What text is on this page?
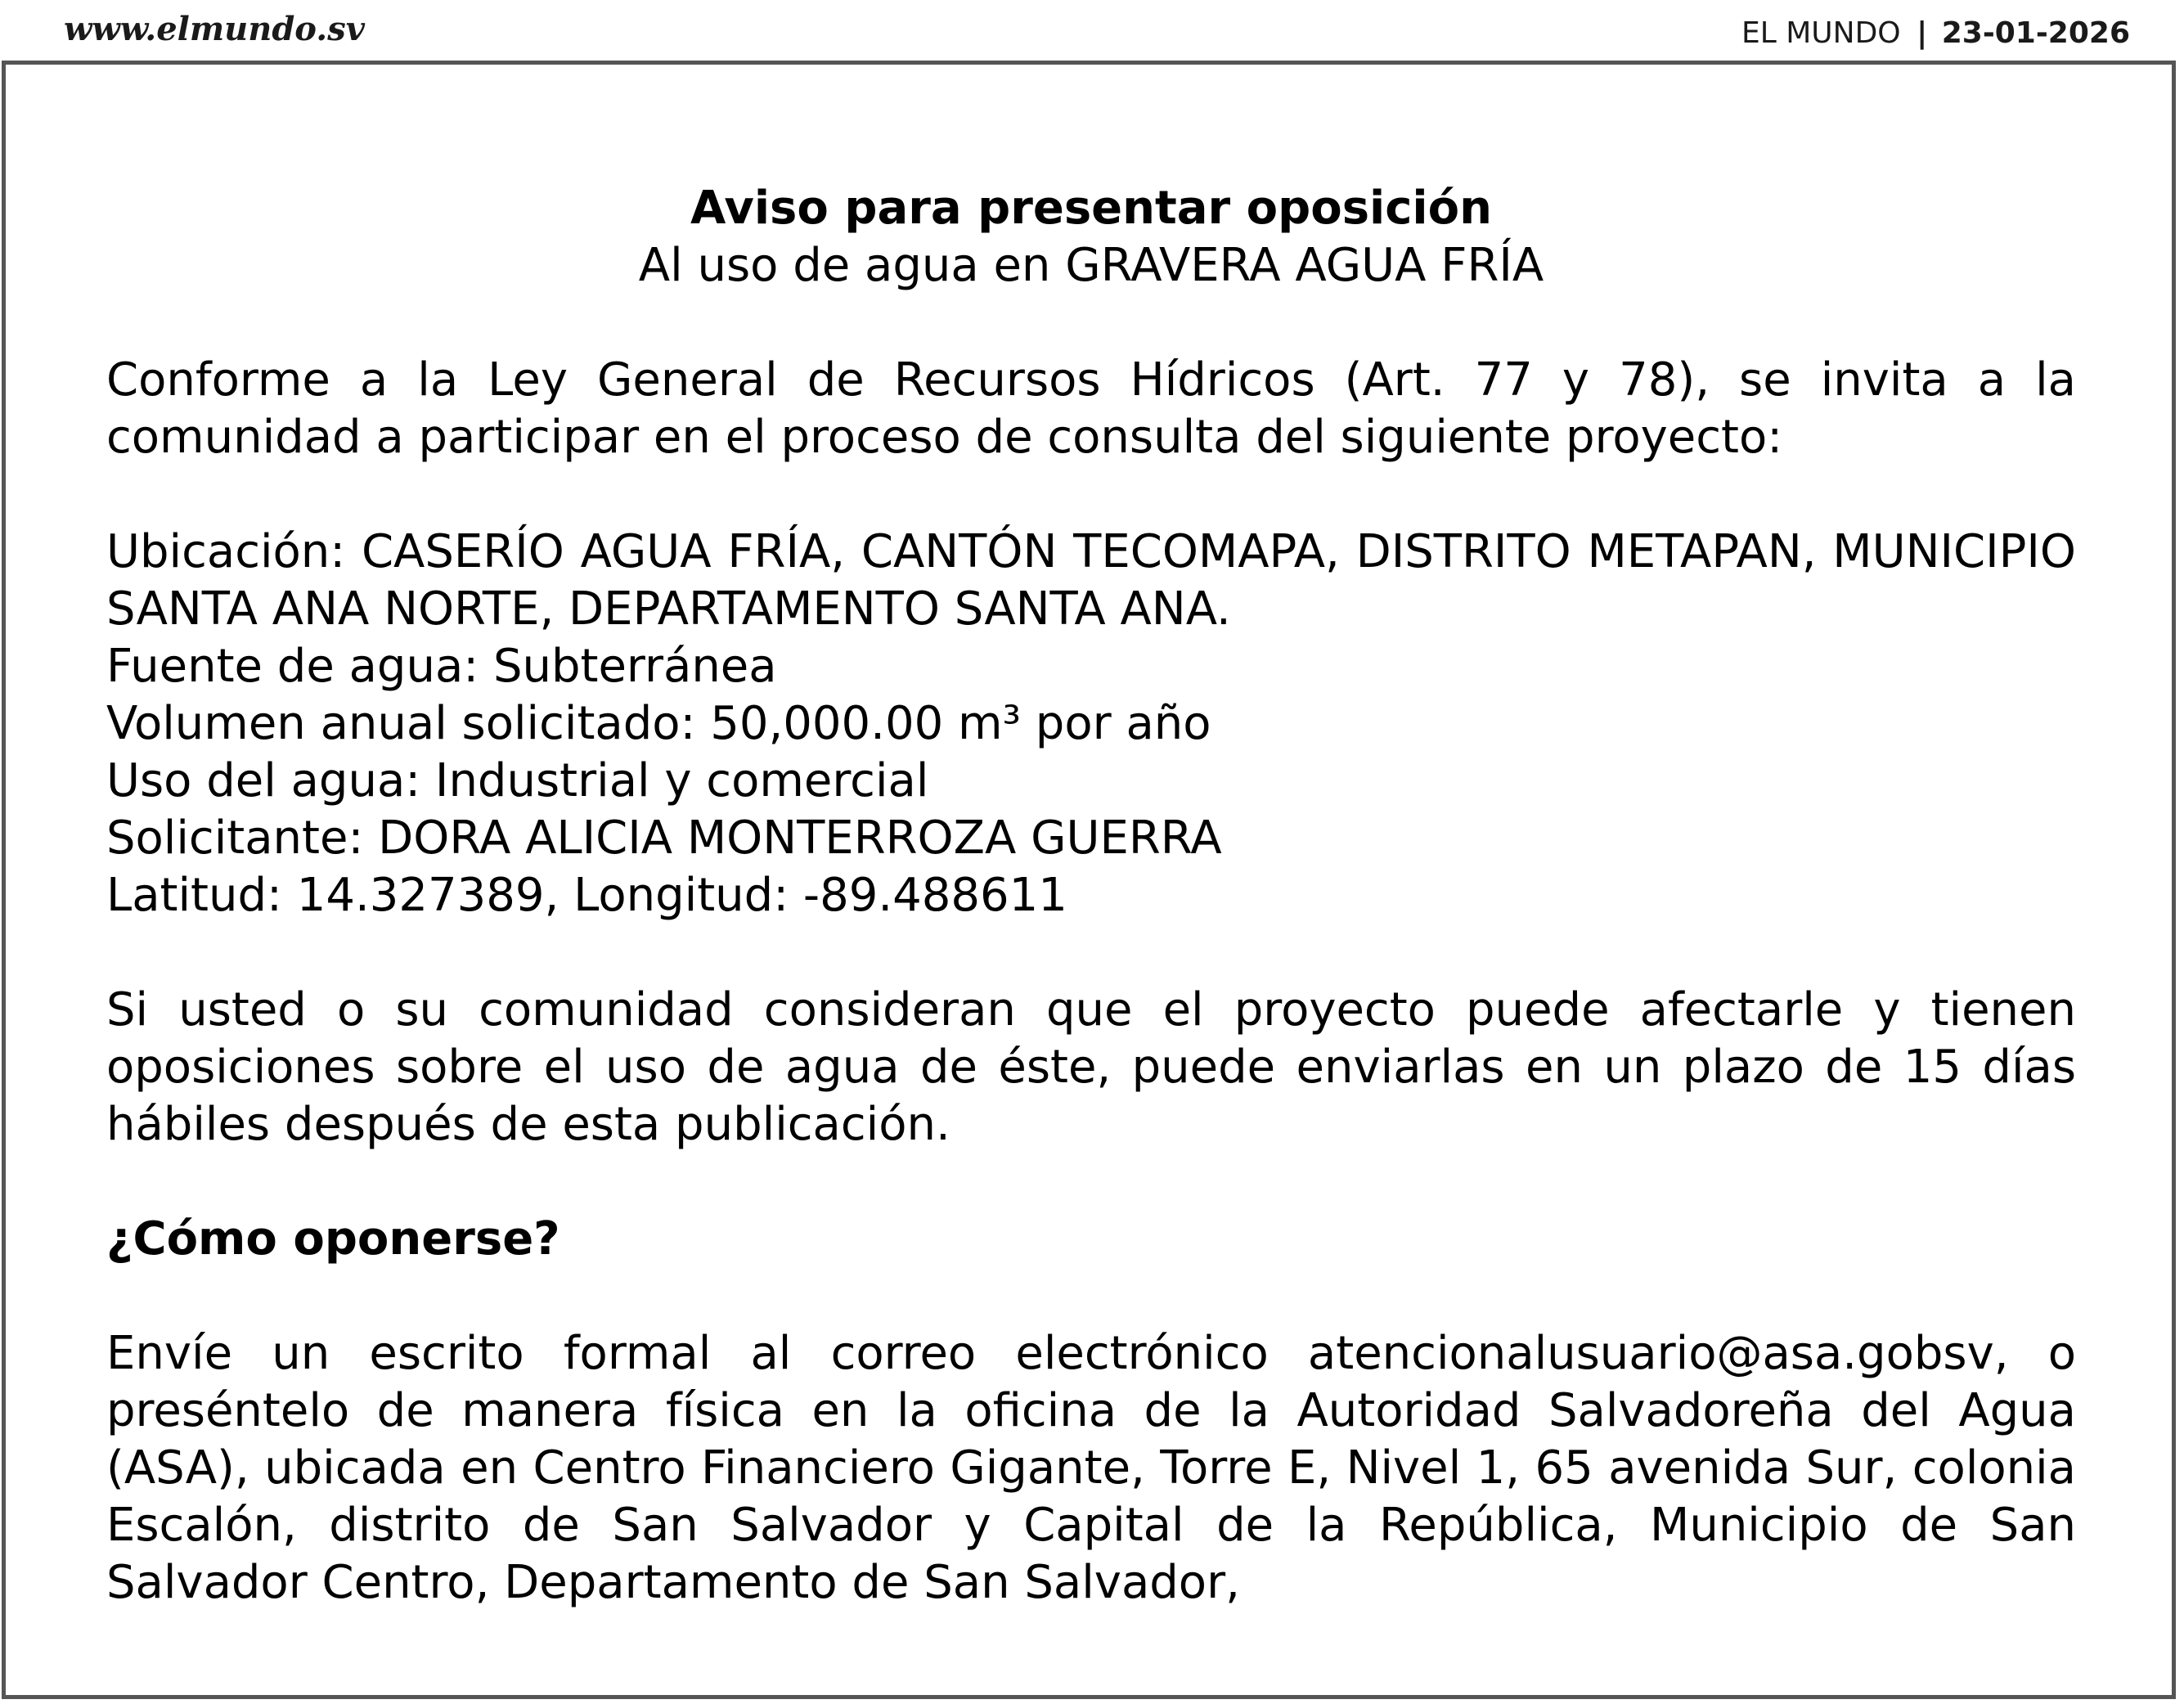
www.elmundo.sv	EL MUNDO | 23-01-2026
Aviso para presentar oposición
Al uso de agua en GRAVERA AGUA FRÍA
Conforme a la Ley General de Recursos Hídricos (Art. 77 y 78), se invita a la comunidad a participar en el proceso de consulta del siguiente proyecto:
Ubicación: CASERÍO AGUA FRÍA, CANTÓN TECOMAPA, DISTRITO METAPAN, MUNICIPIO SANTA ANA NORTE, DEPARTAMENTO SANTA ANA.
Fuente de agua: Subterránea
Volumen anual solicitado: 50,000.00 m³ por año
Uso del agua: Industrial y comercial
Solicitante: DORA ALICIA MONTERROZA GUERRA
Latitud: 14.327389, Longitud: -89.488611
Si usted o su comunidad consideran que el proyecto puede afectarle y tienen oposiciones sobre el uso de agua de éste, puede enviarlas en un plazo de 15 días hábiles después de esta publicación.
¿Cómo oponerse?
Envíe un escrito formal al correo electrónico atencionalusuario@asa.gobsv, o preséntelo de manera física en la oficina de la Autoridad Salvadoreña del Agua (ASA), ubicada en Centro Financiero Gigante, Torre E, Nivel 1, 65 avenida Sur, colonia Escalón, distrito de San Salvador y Capital de la República, Municipio de San Salvador Centro, Departamento de San Salvador,
